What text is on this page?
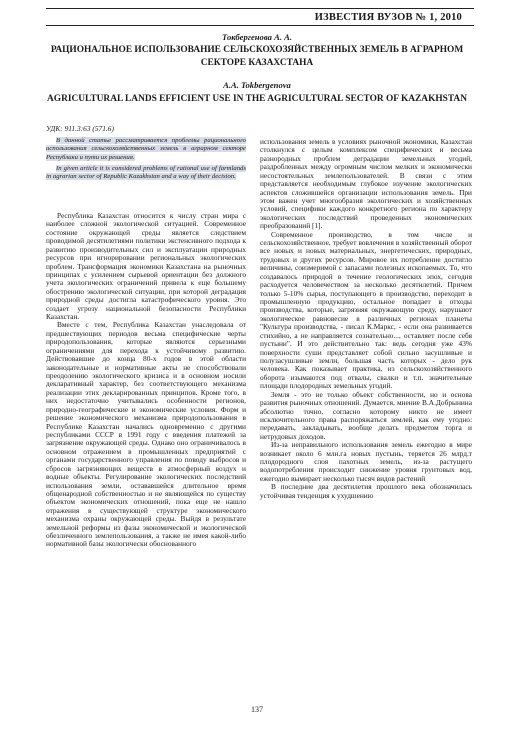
ИЗВЕСТИЯ ВУЗОВ № 1, 2010
Токбергенова А. А.
РАЦИОНАЛЬНОЕ ИСПОЛЬЗОВАНИЕ СЕЛЬСКОХОЗЯЙСТВЕННЫХ ЗЕМЕЛЬ В АГРАРНОМ СЕКТОРЕ КАЗАХСТАНА
A.A. Tokbergenova
AGRICULTURAL LANDS EFFICIENT USE IN THE AGRICULTURAL SECTOR OF KAZAKHSTAN
УДК: 911.3:63 (571.6)
В данной статье рассматривается проблемы рационального использования сельскохозяйственных земель в аграрном секторе Республики и пути их решения.
In given article it is considered problems of rational use of farmlands in agrarian sector of Republic Kazakhstan and a way of their decision.

Республика Казахстан относится к числу стран мира с наиболее сложной экологической ситуацией. Современное состояние окружающей среды является следствием проводимой десятилетиями политики экстенсивного подхода к развитию производительных сил и эксплуатации природных ресурсов при игнорировании региональных экологических проблем. Трансформация экономики Казахстана на рыночных принципах с усилением сырьевой ориентации без должного учета экологических ограничений привела к еще большему обострению экологической ситуации, при которой деградация природной среды достигла катастрофического уровня. Это создает угрозу национальной безопасности Республики Казахстан.

Вместе с тем, Республика Казахстан унаследовала от предшествующих периодов весьма специфические черты природопользования, которые являются серьезными ограничениями для перехода к устойчивому развитию. Действовавшие до конца 80-х годов в этой области законодательные и нормативные акты не способствовали преодолению экологического кризиса и в основном носили декларативный характер, без соответствующего механизма реализации этих декларированных принципов. Кроме того, в них недостаточно учитывались особенности регионов, природно-географические и экономические условия. Форм и решение экономического механизма природопользования в Республике Казахстан начались одновременно с другими республиками СССР в 1991 году с введения платежей за загрязнение окружающей среды. Однако оно ограничивалось в основном отражением в промышленных предприятий с органами государственного управления по поводу выбросов и сбросов загрязняющих веществ в атмосферный воздух и водные объекты. Регулирование экологических последствий использования земли, остававшейся длительное время общенародной собственностью и не являющейся по существу объектом экономических отношений, пока еще не нашло отражения в существующей структуре экономического механизма охраны окружающей среды. Выйдя в результате земельной реформы из фазы экономической и экологической обезличенного землепользования, а также не имея какой-либо нормативной базы экологически обоснованного

использования земель в условиях рыночной экономики, Казахстан столкнулся с целым комплексом специфических и весьма разнородных проблем деградации земельных угодий, раздробленных между огромным числом мелких и экономически несостоятельных землепользователей. В связи с этим представляется необходимым глубокое изучение экологических аспектов сложившейся организации использования земель. При этом важен учет многообразия экологических и хозяйственных условий, специфики каждого конкретного региона по характеру экологических последствий проведенных экономических преобразований [1].

Современное производство, в том числе и сельскохозяйственное, требует вовлечения в хозяйственный оборот все новых и новых материальных, энергетических, природных, трудовых и других ресурсов. Мировое их потребление достигло величины, соизмеримой с запасами полезных ископаемых. То, что создавалось природой в течение геологических эпох, сегодня расходуется человечеством за несколько десятилетий. Причем только 5-10% сырья, поступающего в производство, переходит в промышленную продукцию, остальное попадает в отходы производства, которые, загрязняя окружающую среду, нарушают экологическое равновесие в различных регионах планеты "Культура производства, - писал К.Маркс, - если она развивается стихийно, а не направляется сознательно..., оставляет после себя пустыни". И это действительно так: ведь сегодня уже 43% поверхности суши представляет собой сильно засушливые и полузасушливые земли, большая часть которых - дело рук человека. Как показывает практика, из сельскохозяйственного оборота изымаются под отвалы, свалки и т.п. значительные площади плодородных земельных угодий.

Земля - это не только объект собственности, но и основа развития рыночных отношений. Думается, мнение В.А.Добрынина абсолютно точно, согласно которому никто не имеет исключительного права распоряжаться землей, как ему угодно: передавать, закладывать, вообще делать предметом торга и нетрудовых доходов.

Из-за неправильного использования земель ежегодно в мире возникает около 6 млн.га новых пустынь, теряется 26 млрд.т плодородного слоя пахотных земель, из-за растущего водопотребления происходит снижение уровня грунтовых вод, ежегодно вымирает несколько тысяч видов растений

В последние два десятилетия прошлого века обозначилась устойчивая тенденция к ухудшению

137
